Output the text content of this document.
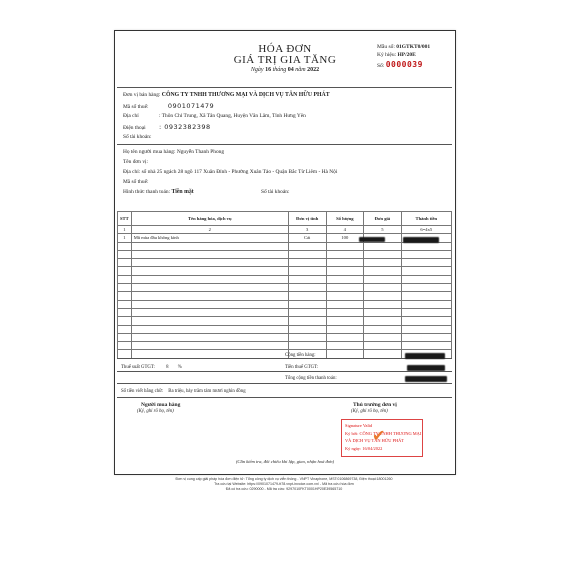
HÓA ĐƠN
GIÁ TRỊ GIA TĂNG
Ngày 16 tháng 04 năm 2022
Mẫu số: 01GTKT0/001
Ký hiệu: HP/20E
Số: 0000039
Đơn vị bán hàng: CÔNG TY TNHH THƯƠNG MẠI VÀ DỊCH VỤ TÂN HỮU PHÁT
Mã số thuế:	0901071479
Địa chỉ	: Thôn Chỉ Trung, Xã Tân Quang, Huyện Văn Lâm, Tỉnh Hưng Yên
Điện thoại : 0932382398
Số tài khoản:
Họ tên người mua hàng: Nguyễn Thanh Phong
Tên đơn vị:
Địa chỉ: số nhà 25 ngách 28 ngõ 117 Xuân Đỉnh - Phường Xuân Tảo - Quận Bắc Từ Liêm - Hà Nội
Mã số thuế:
Hình thức thanh toán: Tiền mặt	Số tài khoản:
STT	Tên hàng hóa, dịch vụ	Đơn vị tính	Số lượng	Đơn giá	Thành tiền
1	2	3	4	5	6=4x5
1	Mũ mùa đầu không kính	Cái	100		

Cộng tiền hàng:
Thuế suất GTGT: 8 %	Tiền thuế GTGT:
Tổng cộng tiền thanh toán:
Số tiền viết bằng chữ: Ba triệu, bảy trăm tám mươi nghìn đồng
Người mua hàng
(Ký, ghi rõ họ, tên)
Thủ trưởng đơn vị
(Ký, ghi rõ họ, tên)
Signature Valid
Ký bởi: CÔNG TY TNHH THƯƠNG MẠI
VÀ DỊCH VỤ TÂN HỮU PHÁT
Ký ngày: 16/04/2022
✔
(Cần kiểm tra, đối chiếu khi lập, giao, nhận hoá đơn)
Đơn vị cung cấp giải pháp hóa đơn điện tử: Tổng công ty dịch vụ viễn thông - VNPT Vinaphone, MST:0106869738, Điện thoại:18001260
Tra cứu tại Website: https://0901071479-tt78.vnpt-invoice.com.vn/ - Mã tra cứu hóa đơn
Đã có tra cứu: 0290000 - Mã tra cứu: 9297010FKT0001HP20E39565710
